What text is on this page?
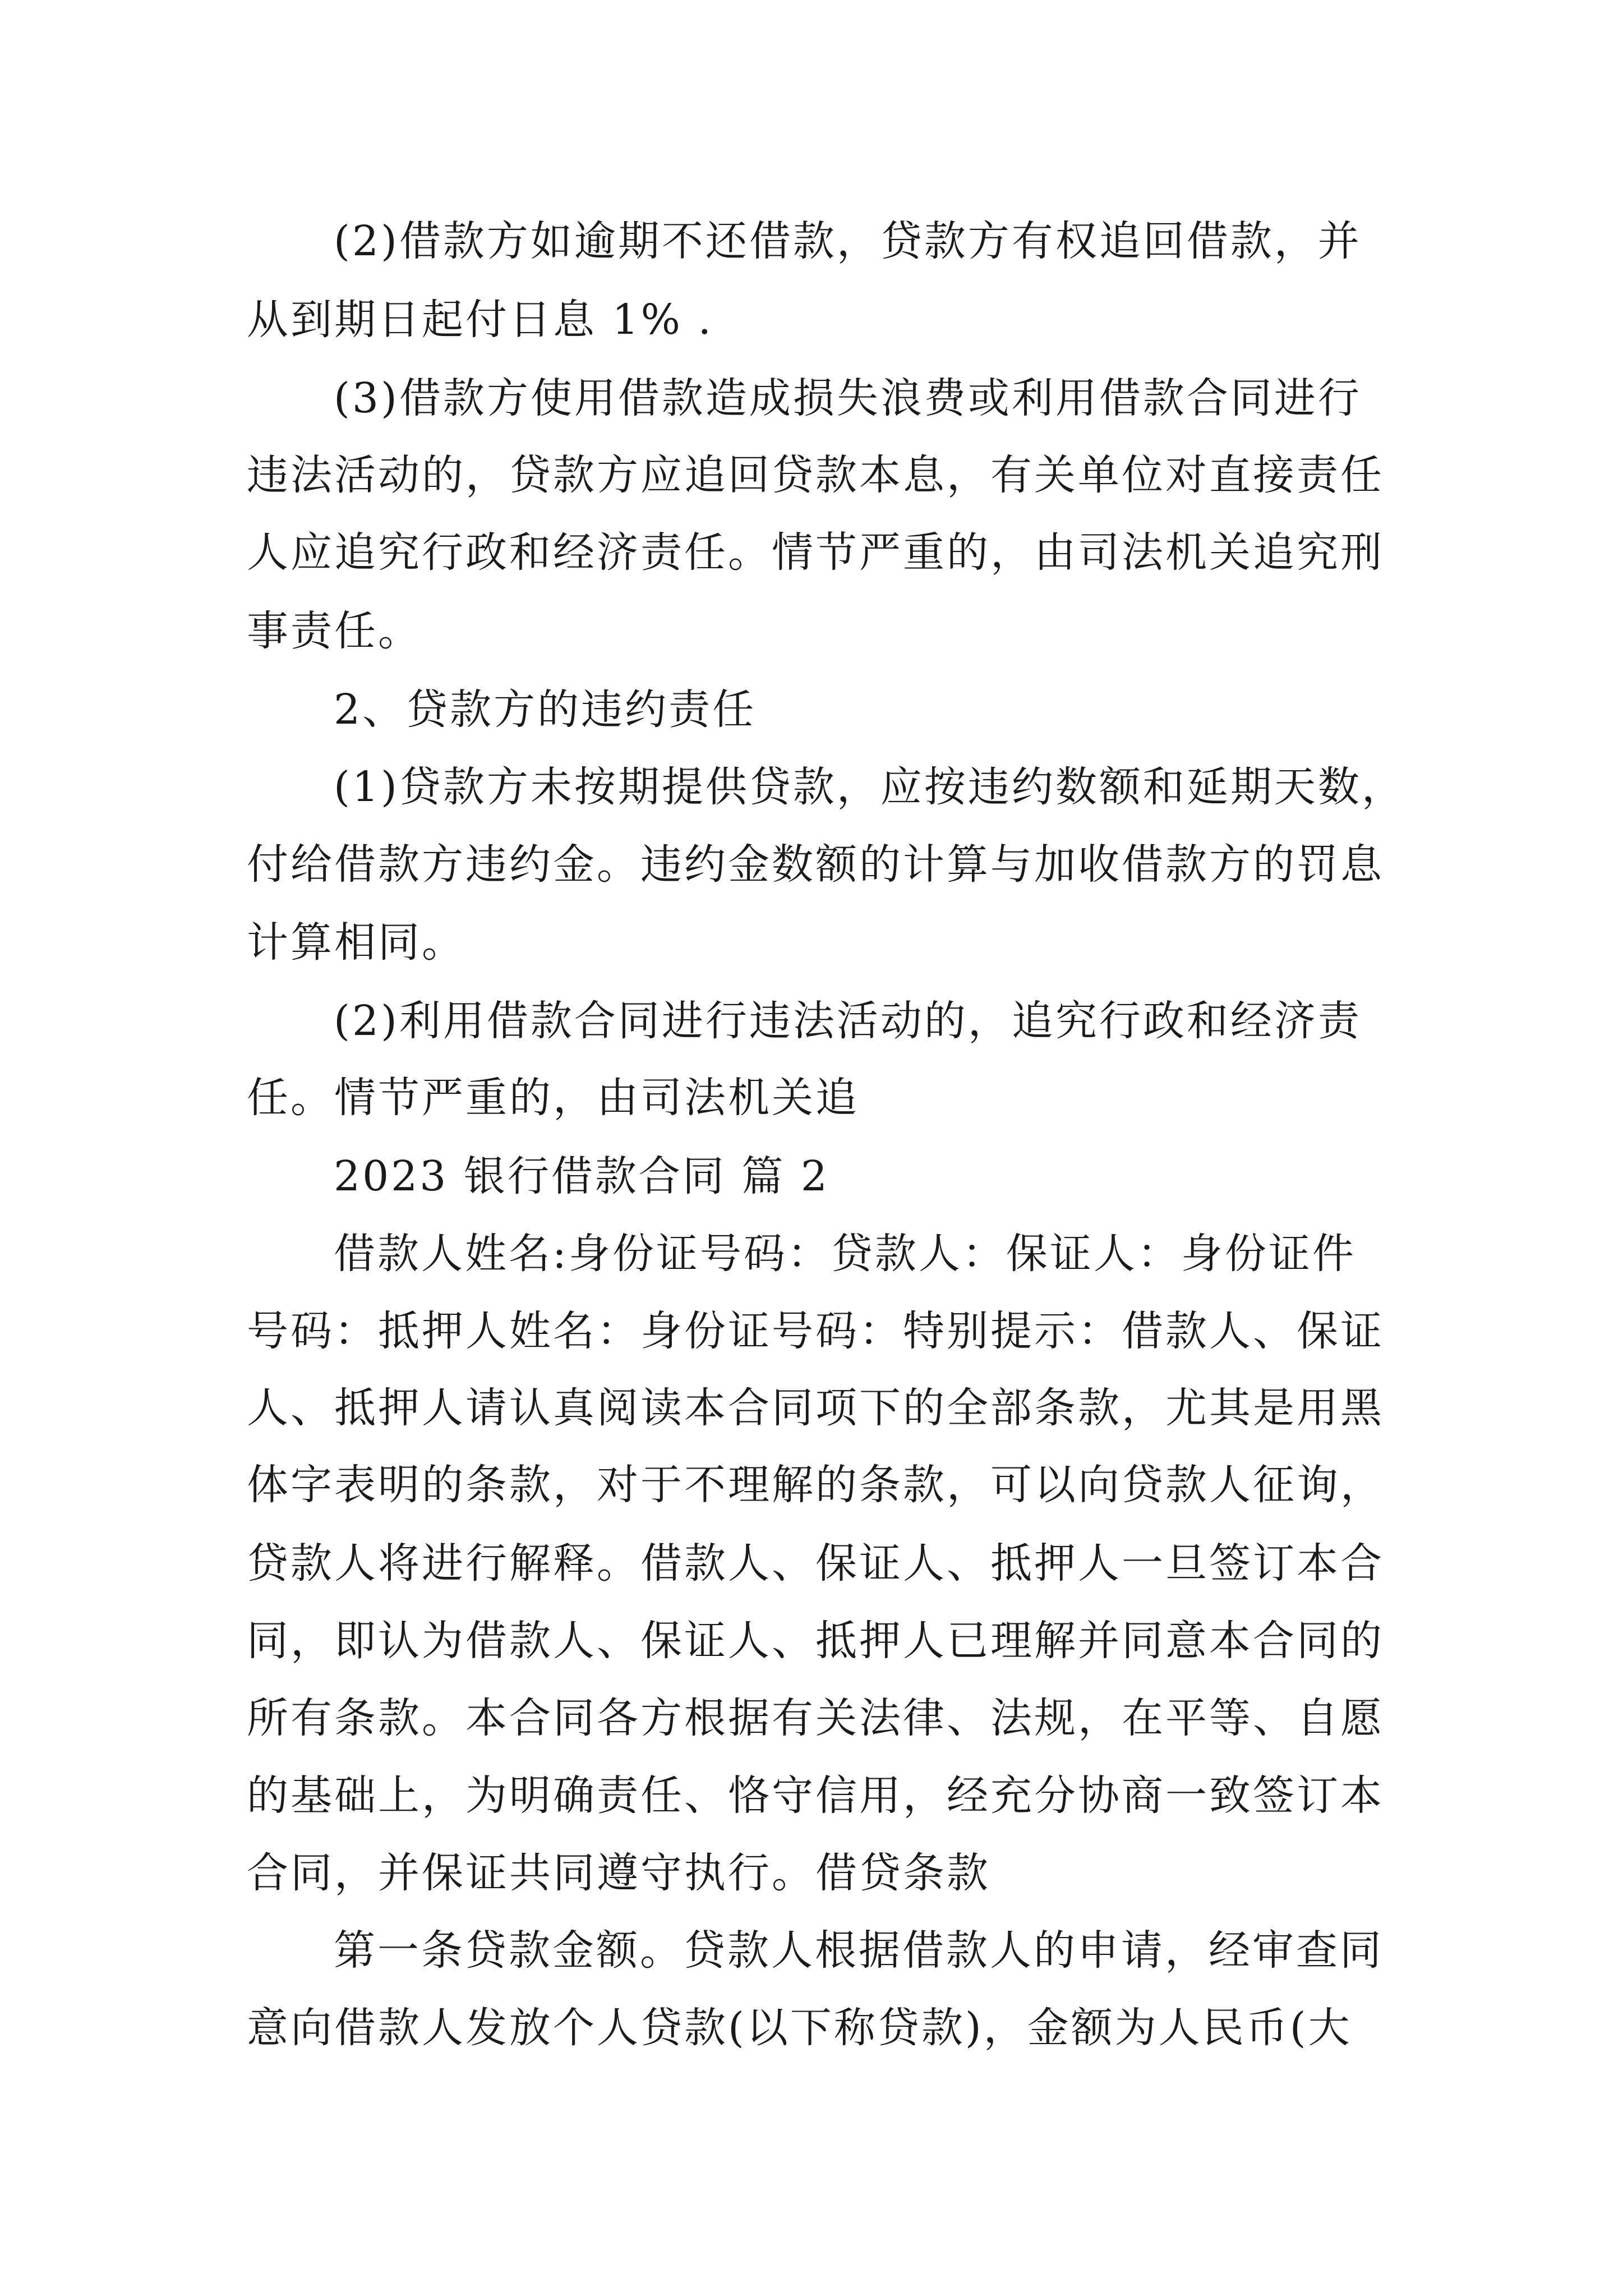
(2)借款方如逾期不还借款，贷款方有权追回借款，并
从到期日起付日息 1% .
(3)借款方使用借款造成损失浪费或利用借款合同进行
违法活动的，贷款方应追回贷款本息，有关单位对直接责任
人应追究行政和经济责任。情节严重的，由司法机关追究刑
事责任。
2、贷款方的违约责任
(1)贷款方未按期提供贷款，应按违约数额和延期天数，
付给借款方违约金。违约金数额的计算与加收借款方的罚息
计算相同。
(2)利用借款合同进行违法活动的，追究行政和经济责
任。情节严重的，由司法机关追
2023 银行借款合同 篇 2
借款人姓名:身份证号码：贷款人：保证人：身份证件
号码：抵押人姓名：身份证号码：特别提示：借款人、保证
人、抵押人请认真阅读本合同项下的全部条款，尤其是用黑
体字表明的条款，对于不理解的条款，可以向贷款人征询，
贷款人将进行解释。借款人、保证人、抵押人一旦签订本合
同，即认为借款人、保证人、抵押人已理解并同意本合同的
所有条款。本合同各方根据有关法律、法规，在平等、自愿
的基础上，为明确责任、恪守信用，经充分协商一致签订本
合同，并保证共同遵守执行。借贷条款
第一条贷款金额。贷款人根据借款人的申请，经审查同
意向借款人发放个人贷款(以下称贷款)，金额为人民币(大
